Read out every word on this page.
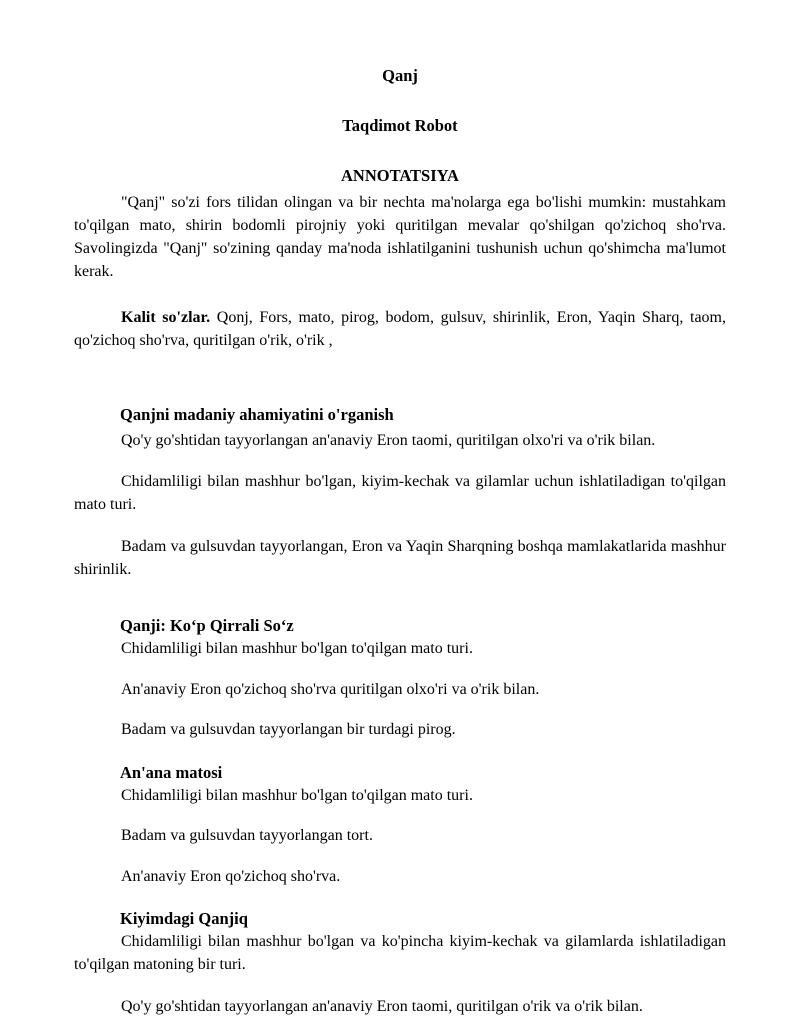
Qanj

Taqdimot Robot

ANNOTATSIYA

"Qanj" so'zi fors tilidan olingan va bir nechta ma'nolarga ega bo'lishi mumkin: mustahkam to'qilgan mato, shirin bodomli pirojniy yoki quritilgan mevalar qo'shilgan qo'zichoq sho'rva. Savolingizda "Qanj" so'zining qanday ma'noda ishlatilganini tushunish uchun qo'shimcha ma'lumot kerak.

Kalit so'zlar. Qonj, Fors, mato, pirog, bodom, gulsuv, shirinlik, Eron, Yaqin Sharq, taom, qo'zichoq sho'rva, quritilgan o'rik, o'rik ,

Qanjni madaniy ahamiyatini o'rganish

Qo'y go'shtidan tayyorlangan an'anaviy Eron taomi, quritilgan olxo'ri va o'rik bilan.

Chidamliligi bilan mashhur bo'lgan, kiyim-kechak va gilamlar uchun ishlatiladigan to'qilgan mato turi.

Badam va gulsuvdan tayyorlangan, Eron va Yaqin Sharqning boshqa mamlakatlarida mashhur shirinlik.

Qanji: Ko‘p Qirrali So‘z

Chidamliligi bilan mashhur bo'lgan to'qilgan mato turi.

An'anaviy Eron qo'zichoq sho'rva quritilgan olxo'ri va o'rik bilan.

Badam va gulsuvdan tayyorlangan bir turdagi pirog.

An'ana matosi

Chidamliligi bilan mashhur bo'lgan to'qilgan mato turi.

Badam va gulsuvdan tayyorlangan tort.

An'anaviy Eron qo'zichoq sho'rva.

Kiyimdagi Qanjiq

Chidamliligi bilan mashhur bo'lgan va ko'pincha kiyim-kechak va gilamlarda ishlatiladigan to'qilgan matoning bir turi.

Qo'y go'shtidan tayyorlangan an'anaviy Eron taomi, quritilgan o'rik va o'rik bilan.
